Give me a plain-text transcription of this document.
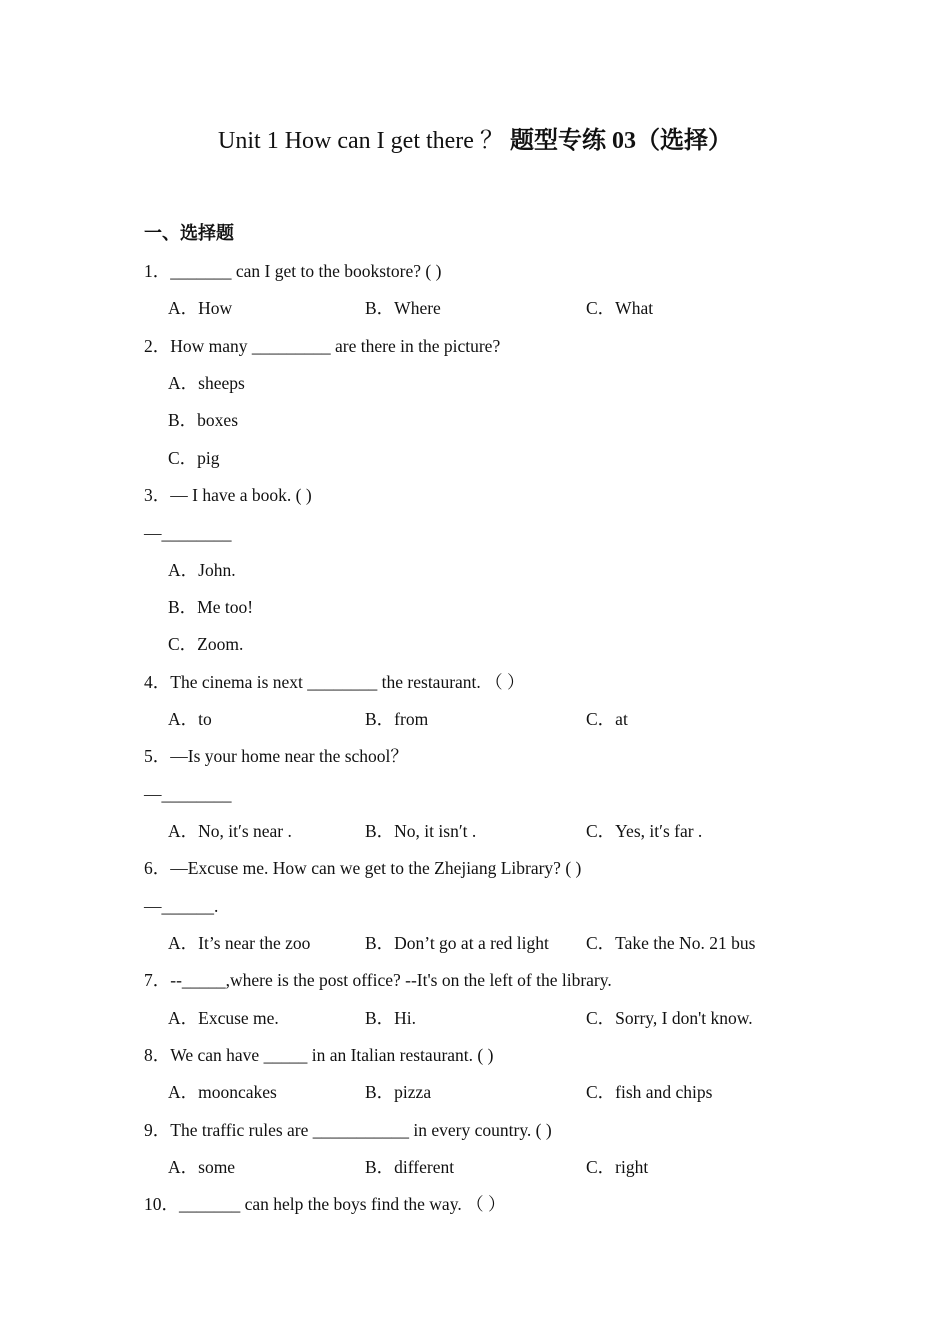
Unit 1 How can I get there ？ 题型专练 03（选择）
一、选择题
1．_______ can I get to the bookstore? ( )
A．How	B．Where	C．What
2．How many _________ are there in the picture?
A．sheeps
B．boxes
C．pig
3．— I have a book. ( )
—________
A．John.
B．Me too!
C．Zoom.
4．The cinema is next ________ the restaurant. （ ）
A．to	B．from	C．at
5．—Is your home near the school？
—________
A．No, it′s near .	B．No, it isn′t .	C．Yes, it′s far .
6．—Excuse me. How can we get to the Zhejiang Library? ( )
—______.
A．It’s near the zoo	B．Don’t go at a red light C．Take the No. 21 bus
7．--_____,where is the post office? --It's on the left of the library.
A．Excuse me.	B．Hi.	C．Sorry, I don't know.
8．We can have _____ in an Italian restaurant. ( )
A．mooncakes	B．pizza	C．fish and chips
9．The traffic rules are ___________ in every country. ( )
A．some	B．different	C．right
10．_______ can help the boys find the way. （ ）
